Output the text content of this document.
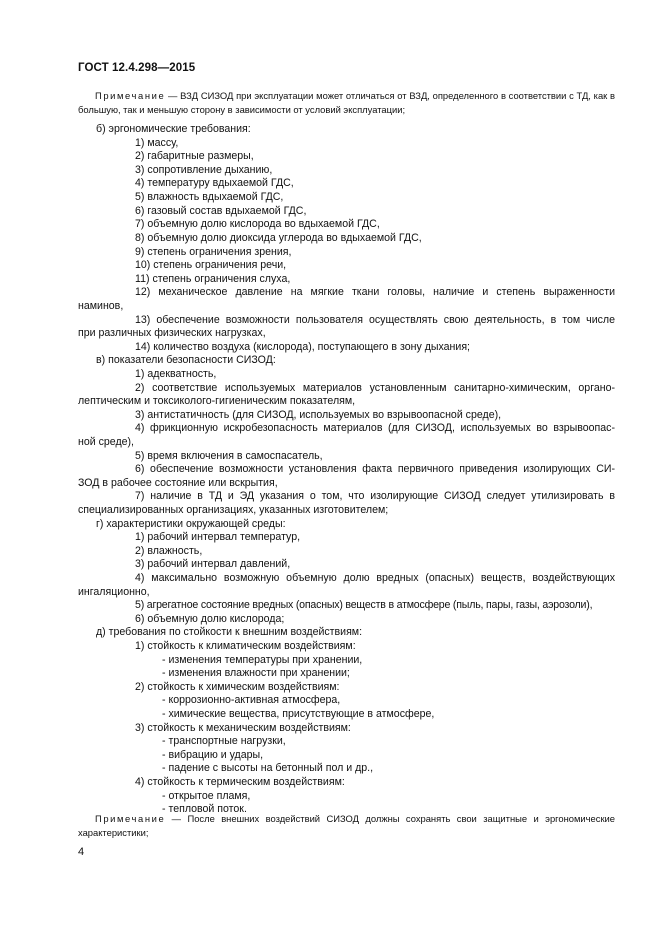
ГОСТ 12.4.298—2015
Примечание — ВЗД СИЗОД при эксплуатации может отличаться от ВЗД, определенного в соответствии с ТД, как в большую, так и меньшую сторону в зависимости от условий эксплуатации;
б) эргономические требования:
1) массу,
2) габаритные размеры,
3) сопротивление дыханию,
4) температуру вдыхаемой ГДС,
5) влажность вдыхаемой ГДС,
6) газовый состав вдыхаемой ГДС,
7) объемную долю кислорода во вдыхаемой ГДС,
8) объемную долю диоксида углерода во вдыхаемой ГДС,
9) степень ограничения зрения,
10) степень ограничения речи,
11) степень ограничения слуха,
12) механическое давление на мягкие ткани головы, наличие и степень выраженности
наминов,
13) обеспечение возможности пользователя осуществлять свою деятельность, в том числе
при различных физических нагрузках,
14) количество воздуха (кислорода), поступающего в зону дыхания;
в) показатели безопасности СИЗОД:
1) адекватность,
2) соответствие используемых материалов установленным санитарно-химическим, органо-
лептическим и токсиколого-гигиеническим показателям,
3) антистатичность (для СИЗОД, иcпользуемых во взрывоопасной среде),
4) фрикционную искробезопасность материалов (для СИЗОД, используемых во взрывоопас-
ной среде),
5) время включения в самоспасатель,
6) обеспечение возможности установления факта первичного приведения изолирующих СИ-
ЗОД в рабочее состояние или вскрытия,
7) наличие в ТД и ЭД указания о том, что изолирующие СИЗОД следует утилизировать в
специализированных организациях, указанных изготовителем;
г) характеристики окружающей среды:
1) рабочий интервал температур,
2) влажность,
3) рабочий интервал давлений,
4) максимально возможную объемную долю вредных (опасных) веществ, воздействующих
ингаляционно,
5) агрегатное состояние вредных (опасных) веществ в атмосфере (пыль, пары, газы, аэрозоли),
6) объемную долю кислорода;
д) требования по стойкости к внешним воздействиям:
1) стойкость к климатическим воздействиям:
- изменения температуры при хранении,
- изменения влажности при хранении;
2) стойкость к химическим воздействиям:
- коррозионно-активная атмосфера,
- химические вещества, присутствующие в атмосфере,
3) стойкость к механическим воздействиям:
- транспортные нагрузки,
- вибрацию и удары,
- падение с высоты на бетонный пол и др.,
4) стойкость к термическим воздействиям:
- открытое пламя,
- тепловой поток.
Примечание — После внешних воздействий СИЗОД должны сохранять свои защитные и эргономические характеристики;
4
